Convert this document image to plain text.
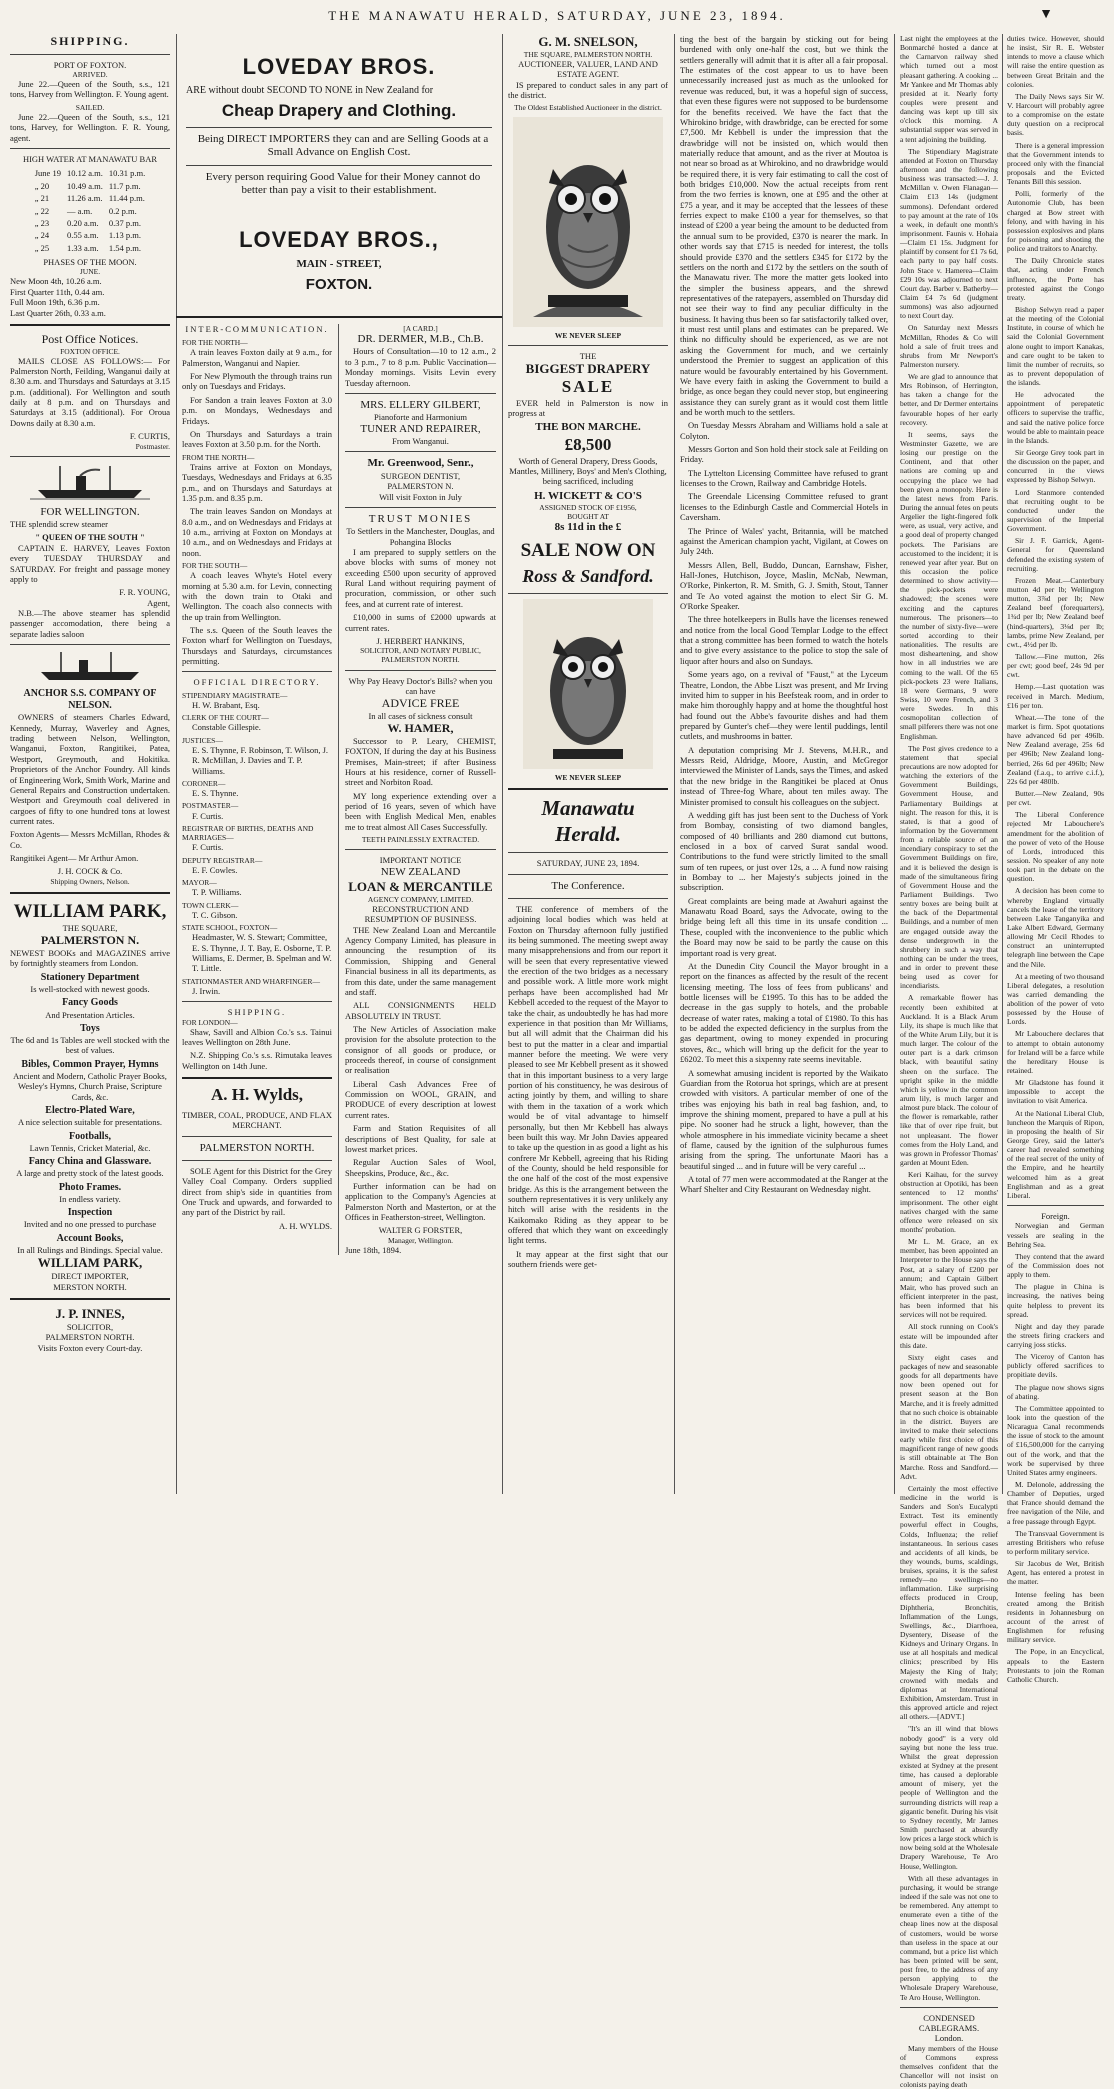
THE MANAWATU HERALD, SATURDAY, JUNE 23, 1894.	▼
SHIPPING.
PORT OF FOXTON.
ARRIVED.

June 22.—Queen of the South, s.s., 121 tons, Harvey from Wellington. F. Young agent.

SAILED.

June 22.—Queen of the South, s.s., 121 tons, Harvey, for Wellington. F. R. Young, agent.

HIGH WATER AT MANAWATU BAR
June 19	10.12 a.m.	10.31 p.m.
„ 20	10.49 a.m.	11.7 p.m.
„ 21	11.26 a.m.	11.44 p.m.
„ 22	— a.m.	0.2 p.m.
„ 23	0.20 a.m.	0.37 p.m.
„ 24	0.55 a.m.	1.13 p.m.
„ 25	1.33 a.m.	1.54 p.m.
PHASES OF THE MOON.
JUNE.
New Moon 4th, 10.26 a.m.
First Quarter 11th, 0.44 am.
Full Moon 19th, 6.36 p.m.
Last Quarter 26th, 0.33 a.m.
Post Office Notices.
FOXTON OFFICE.

MAILS CLOSE AS FOLLOWS:— For Palmerston North, Feilding, Wanganui daily at 8.30 a.m. and Thursdays and Saturdays at 3.15 p.m. (additional). For Wellington and south daily at 8 p.m. and on Thursdays and Saturdays at 3.15 (additional). For Oroua Downs daily at 8.30 a.m.

F. CURTIS,
Postmaster.
FOR WELLINGTON.

THE splendid screw steamer

" QUEEN OF THE SOUTH "

CAPTAIN E. HARVEY, Leaves Foxton every TUESDAY THURSDAY and SATURDAY. For freight and passage money apply to

F. R. YOUNG,
Agent,

N.B.—The above steamer has splendid passenger accomodation, there being a separate ladies saloon

ANCHOR S.S. COMPANY OF NELSON.

OWNERS of steamers Charles Edward, Kennedy, Murray, Waverley and Agnes, trading between Nelson, Wellington, Wanganui, Foxton, Rangitikei, Patea, Westport, Greymouth, and Hokitika. Proprietors of the Anchor Foundry. All kinds of Engineering Work, Smith Work, Marine and General Repairs and Construction undertaken. Westport and Greymouth coal delivered in cargoes of fifty to one hundred tons at lowest current rates.

Foxton Agents— Messrs McMillan, Rhodes & Co.

Rangitikei Agent— Mr Arthur Amon.

J. H. COCK & Co.
Shipping Owners, Nelson.
WILLIAM PARK,
THE SQUARE,
PALMERSTON N.

NEWEST BOOKs and MAGAZINES arrive by fortnightly steamers from London.

Stationery Department
Is well-stocked with newest goods.
Fancy Goods
And Presentation Articles.
Toys
The 6d and 1s Tables are well stocked with the best of values.
Bibles, Common Prayer, Hymns
Ancient and Modern, Catholic Prayer Books, Wesley's Hymns, Church Praise, Scripture Cards, &c.
Electro-Plated Ware,
A nice selection suitable for presentations.
Footballs,
Lawn Tennis, Cricket Material, &c.
Fancy China and Glassware.
A large and pretty stock of the latest goods.
Photo Frames.
In endless variety.
Inspection
Invited and no one pressed to purchase
Account Books,
In all Rulings and Bindings. Special value.
WILLIAM PARK,
DIRECT IMPORTER,
MERSTON NORTH.
J. P. INNES,
SOLICITOR,
PALMERSTON NORTH.
Visits Foxton every Court-day.
LOVEDAY BROS.
ARE without doubt SECOND TO NONE in New Zealand for
Cheap Drapery and Clothing.

Being DIRECT IMPORTERS they can and are Selling Goods at a Small Advance on English Cost.

Every person requiring Good Value for their Money cannot do better than pay a visit to their establishment.

LOVEDAY BROS.,
MAIN - STREET,
FOXTON.
INTER-COMMUNICATION.
FOR THE NORTH—

A train leaves Foxton daily at 9 a.m., for Palmerston, Wanganui and Napier.

For New Plymouth the through trains run only on Tuesdays and Fridays.

For Sandon a train leaves Foxton at 3.0 p.m. on Mondays, Wednesdays and Fridays.

On Thursdays and Saturdays a train leaves Foxton at 3.50 p.m. for the North.

FROM THE NORTH—

Trains arrive at Foxton on Mondays, Tuesdays, Wednesdays and Fridays at 6.35 p.m., and on Thursdays and Saturdays at 1.35 p.m. and 8.35 p.m.

The train leaves Sandon on Mondays at 8.0 a.m., and on Wednesdays and Fridays at 10 a.m., arriving at Foxton on Mondays at 10 a.m., and on Wednesdays and Fridays at noon.

FOR THE SOUTH—

A coach leaves Whyte's Hotel every morning at 5.30 a.m. for Levin, connecting with the down train to Otaki and Wellington. The coach also connects with the up train from Wellington.

The s.s. Queen of the South leaves the Foxton wharf for Wellington on Tuesdays, Thursdays and Saturdays, circumstances permitting.

OFFICIAL DIRECTORY.
STIPENDIARY MAGISTRATE—
H. W. Brabant, Esq.
CLERK OF THE COURT—
Constable Gillespie.
JUSTICES—
E. S. Thynne, F. Robinson, T. Wilson, J. R. McMillan, J. Davies and T. P. Williams.
CORONER—
E. S. Thynne.
POSTMASTER—
F. Curtis.
REGISTRAR OF BIRTHS, DEATHS AND MARRIAGES—
F. Curtis.
DEPUTY REGISTRAR—
E. F. Cowles.
MAYOR—
T. P. Williams.
TOWN CLERK—
T. C. Gibson.
STATE SCHOOL, FOXTON—
Headmaster, W. S. Stewart; Committee, E. S. Thynne, J. T. Bay, E. Osborne, T. P. Williams, E. Dermer, B. Spelman and W. T. Little.
STATIONMASTER AND WHARFINGER—
J. Irwin.
SHIPPING.
FOR LONDON—

Shaw, Savill and Albion Co.'s s.s. Tainui leaves Wellington on 28th June.

N.Z. Shipping Co.'s s.s. Rimutaka leaves Wellington on 14th June.

A. H. Wylds,
TIMBER, COAL, PRODUCE, AND FLAX MERCHANT.
PALMERSTON NORTH.

SOLE Agent for this District for the Grey Valley Coal Company. Orders supplied direct from ship's side in quantities from One Truck and upwards, and forwarded to any part of the District by rail.

A. H. WYLDS.
[A CARD.]
DR. DERMER, M.B., Ch.B.

Hours of Consultation—10 to 12 a.m., 2 to 3 p.m., 7 to 8 p.m. Public Vaccination— Monday mornings. Visits Levin every Tuesday afternoon.

MRS. ELLERY GILBERT,
Pianoforte and Harmonium
TUNER AND REPAIRER,
From Wanganui.
Mr. Greenwood, Senr.,
SURGEON DENTIST,
PALMERSTON N.
Will visit Foxton in July
TRUST MONIES
To Settlers in the Manchester, Douglas, and Pohangina Blocks

I am prepared to supply settlers on the above blocks with sums of money not exceeding £500 upon security of approved Rural Land without requiring payment of procuration, commission, or other such fees, and at current rate of interest.

£10,000 in sums of £2000 upwards at current rates.

J. HERBERT HANKINS,
SOLICITOR, AND NOTARY PUBLIC,
PALMERSTON NORTH.
Why Pay Heavy Doctor's Bills? when you can have
ADVICE FREE
In all cases of sickness consult
W. HAMER,

Successor to P. Leary, CHEMIST, FOXTON, If during the day at his Business Premises, Main-street; if after Business Hours at his residence, corner of Russell-street and Norbiton Road.

MY long experience extending over a period of 16 years, seven of which have been with English Medical Men, enables me to treat almost All Cases Successfully.

TEETH PAINLESSLY EXTRACTED.
IMPORTANT NOTICE
NEW ZEALAND
LOAN & MERCANTILE
AGENCY COMPANY, LIMITED.
RECONSTRUCTION AND RESUMPTION OF BUSINESS.

THE New Zealand Loan and Mercantile Agency Company Limited, has pleasure in announcing the resumption of its Commission, Shipping and General Financial business in all its departments, as from this date, under the same management and staff.

ALL CONSIGNMENTS HELD ABSOLUTELY IN TRUST.

The New Articles of Association make provision for the absolute protection to the consignor of all goods or produce, or proceeds thereof, in course of consignment or realisation

Liberal Cash Advances Free of Commission on WOOL, GRAIN, and PRODUCE of every description at lowest current rates.

Farm and Station Requisites of all descriptions of Best Quality, for sale at lowest market prices.

Regular Auction Sales of Wool, Sheepskins, Produce, &c., &c.

Further information can be had on application to the Company's Agencies at Palmerston North and Masterton, or at the Offices in Featherston-street, Wellington.

WALTER G FORSTER,
Manager, Wellington.
June 18th, 1894.
G. M. SNELSON,
THE SQUARE, PALMERSTON NORTH.
AUCTIONEER, VALUER, LAND AND ESTATE AGENT.

IS prepared to conduct sales in any part of the district.

The Oldest Established Auctioneer in the district.
WE NEVER SLEEP
THE
BIGGEST DRAPERY
SALE

EVER held in Palmerston is now in progress at

THE BON MARCHE.
£8,500

Worth of General Drapery, Dress Goods, Mantles, Millinery, Boys' and Men's Clothing, being sacrificed, including

H. WICKETT & CO'S
ASSIGNED STOCK OF £1956,
BOUGHT AT
8s 11d in the £
SALE NOW ON
Ross & Sandford.
WE NEVER SLEEP
Manawatu Herald.
SATURDAY, JUNE 23, 1894.
The Conference.

THE conference of members of the adjoining local bodies which was held at Foxton on Thursday afternoon fully justified its being summoned. The meeting swept away many misapprehensions and from our report it will be seen that every representative viewed the erection of the two bridges as a necessary and possible work. A little more work might perhaps have been accomplished had Mr Kebbell acceded to the request of the Mayor to take the chair, as undoubtedly he has had more experience in that position than Mr Williams, but all will admit that the Chairman did his best to put the matter in a clear and impartial manner before the meeting. We were very pleased to see Mr Kebbell present as it showed that in this important business to a very large portion of his constituency, he was desirous of acting jointly by them, and willing to share with them in the taxation of a work which would be of vital advantage to himself personally, but then Mr Kebbell has always been built this way. Mr John Davies appeared to take up the question in as good a light as his confrere Mr Kebbell, agreeing that his Riding of the County, should be held responsible for the one half of the cost of the most expensive bridge. As this is the arrangement between the southern representatives it is very unlikely any hitch will arise with the residents in the Kaikomako Riding as they appear to be offered that which they want on exceedingly light terms.

It may appear at the first sight that our southern friends were get-

ting the best of the bargain by sticking out for being burdened with only one-half the cost, but we think the settlers generally will admit that it is after all a fair proposal. The estimates of the cost appear to us to have been unnecessarily increased just as much as the unlooked for revenue was reduced, but, it was a hopeful sign of success, that even these figures were not supposed to be burdensome for the benefits received. We have the fact that the Whirokino bridge, with drawbridge, can be erected for some £7,500. Mr Kebbell is under the impression that the drawbridge will not be insisted on, which would then materially reduce that amount, and as the river at Moutoa is not near so broad as at Whirokino, and no drawbridge would be required there, it is very fair estimating to call the cost of both bridges £10,000. Now the actual receipts from rent from the two ferries is known, one at £95 and the other at £75 a year, and it may be accepted that the lessees of these ferries expect to make £100 a year for themselves, so that instead of £200 a year being the amount to be deducted from the annual sum to be provided, £370 is nearer the mark. In other words say that £715 is needed for interest, the tolls should provide £370 and the settlers £345 for £172 by the settlers on the north and £172 by the settlers on the south of the Manawatu river. The more the matter gets looked into the simpler the business appears, and the shrewd representatives of the ratepayers, assembled on Thursday did not see their way to find any peculiar difficulty in the business. It having thus been so far satisfactorily talked over, it must rest until plans and estimates can be prepared. We think no difficulty should be experienced, as we are not asking the Government for much, and we certainly understood the Premier to suggest an application of this nature would be favourably entertained by his Government. We have every faith in asking the Government to build a bridge, as once began they could never stop, but engineering assistance they can surely grant as it would cost them little and be worth much to the settlers.

On Tuesday Messrs Abraham and Williams hold a sale at Colyton.

Messrs Gorton and Son hold their stock sale at Feilding on Friday.

The Lyttelton Licensing Committee have refused to grant licenses to the Crown, Railway and Cambridge Hotels.

The Greendale Licensing Committee refused to grant licenses to the Edinburgh Castle and Commercial Hotels in Caversham.

The Prince of Wales' yacht, Britannia, will be matched against the American champion yacht, Vigilant, at Cowes on July 24th.

Messrs Allen, Bell, Buddo, Duncan, Earnshaw, Fisher, Hall-Jones, Hutchison, Joyce, Maslin, McNab, Newman, O'Rorke, Pinkerton, R. M. Smith, G. J. Smith, Stout, Tanner and Te Ao voted against the motion to elect Sir G. M. O'Rorke Speaker.

The three hotelkeepers in Bulls have the licenses renewed and notice from the local Good Templar Lodge to the effect that a strong committee has been formed to watch the hotels and to give every assistance to the police to stop the sale of liquor after hours and also on Sundays.

Some years ago, on a revival of "Faust," at the Lyceum Theatre, London, the Abbe Liszt was present, and Mr Irving invited him to supper in his Beefsteak room, and in order to make him thoroughly happy and at home the thoughtful host had found out the Abbe's favourite dishes and had them prepared by Gunter's chef—they were lentil puddings, lentil cutlets, and mushrooms in batter.

A deputation comprising Mr J. Stevens, M.H.R., and Messrs Reid, Aldridge, Moore, Austin, and McGregor interviewed the Minister of Lands, says the Times, and asked that the new bridge in the Rangitikei be placed at Onus instead of Three-fog Whare, about ten miles away. The Minister promised to consult his colleagues on the subject.

A wedding gift has just been sent to the Duchess of York from Bombay, consisting of two diamond bangles, composed of 40 brilliants and 280 diamond cut buttons, enclosed in a box of carved Surat sandal wood. Contributions to the fund were strictly limited to the small sum of ten rupees, or just over 12s, a ... A fund now raising in Bombay to ... her Majesty's subjects joined in the subscription.

Great complaints are being made at Awahuri against the Manawatu Road Board, says the Advocate, owing to the bridge being left all this time in its unsafe condition ... These, coupled with the inconvenience to the public which the Board may now be said to be partly the cause on this important road is very great.

At the Dunedin City Council the Mayor brought in a report on the finances as affected by the result of the recent licensing meeting. The loss of fees from publicans' and bottle licenses will be £1995. To this has to be added the decrease in the gas supply to hotels, and the probable decrease of water rates, making a total of £1980. To this has to be added the expected deficiency in the surplus from the gas department, owing to money expended in procuring stoves, &c., which will bring up the deficit for the year to £6202. To meet this a sixpenny rate seems inevitable.

A somewhat amusing incident is reported by the Waikato Guardian from the Rotorua hot springs, which are at present crowded with visitors. A particular member of one of the tribes was enjoying his bath in real bag fashion, and, to improve the shining moment, prepared to have a pull at his pipe. No sooner had he struck a light, however, than the whole atmosphere in his immediate vicinity became a sheet of flame, caused by the ignition of the sulphurous fumes arising from the spring. The unfortunate Maori has a beautiful singed ... and in future will be very careful ...

A total of 77 men were accommodated at the Ranger at the Wharf Shelter and City Restaurant on Wednesday night.

Last night the employees at the Bonmarché hosted a dance at the Carnarvon railway shed which turned out a most pleasant gathering. A cooking ... Mr Yankee and Mr Thomas ably presided at it. Nearly forty couples were present and dancing was kept up till six o'clock this morning. A substantial supper was served in a tent adjoining the building.

The Stipendiary Magistrate attended at Foxton on Thursday afternoon and the following business was transacted:—J. J. McMillan v. Owen Flanagan—Claim £13 14s (judgment summons). Defendant ordered to pay amount at the rate of 10s a week, in default one month's imprisonment. Faunis v. Hohaia—Claim £1 15s. Judgment for plaintiff by consent for £1 7s 6d, each party to pay half costs. John Stace v. Hamerea—Claim £29 10s was adjourned to next Court day. Barber v. Batherby—Claim £4 7s 6d (judgment summons) was also adjourned to next Court day.

On Saturday next Messrs McMillan, Rhodes & Co will hold a sale of fruit trees and shrubs from Mr Newport's Palmerston nursery.

We are glad to announce that Mrs Robinson, of Herrington, has taken a change for the better, and Dr Dermer entertains favourable hopes of her early recovery.

It seems, says the Westminster Gazette, we are losing our prestige on the Continent, and that other nations are coming up and occupying the place we had been given a monopoly. Here is the latest news from Paris. During the annual fetes on peuts Argelier the light-fingered folk were, as usual, very active, and a good deal of property changed pockets. The Parisians are accustomed to the incident; it is renewed year after year. But on this occasion the police determined to show activity—the pick-pockets were shadowed; the scenes were exciting and the captures numerous. The prisoners—to the number of sixty-five—were sorted according to their nationalities. The results are most disheartening, and show how in all industries we are coming to the wall. Of the 65 pick-pockets 23 were Italians, 18 were Germans, 9 were Swiss, 10 were French, and 3 were Swedes. In this cosmopolitan collection of small pilferers there was not one Englishman.

The Post gives credence to a statement that special precautions are now adopted for watching the exteriors of the Government Buildings, Government House, and Parliamentary Buildings at night. The reason for this, it is stated, is that a good of information by the Government from a reliable source of an incendiary conspiracy to set the Government Buildings on fire, and it is believed the design is made of the simultaneous firing of Government House and the Parliament Buildings. Two sentry boxes are being built at the back of the Departmental Buildings, and a number of men are engaged outside away the dense undergrowth in the shrubbery in such a way that nothing can be under the trees, and in order to prevent these being used as cover for incendiarists.

A remarkable flower has recently been exhibited at Auckland. It is a Black Arum Lily, its shape is much like that of the White Arum Lily, but it is much larger. The colour of the outer part is a dark crimson black, with beautiful satiny sheen on the surface. The upright spike in the middle which is yellow in the common arum lily, is much larger and almost pure black. The colour of the flower is remarkable, rather like that of over ripe fruit, but not unpleasant. The flower comes from the Holy Land, and was grown in Professor Thomas' garden at Mount Eden.

Keri Kaihau, for the survey obstruction at Opotiki, has been sentenced to 12 months' imprisonment. The other eight natives charged with the same offence were released on six months' probation.

Mr L. M. Grace, an ex member, has been appointed an Interpreter to the House says the Post, at a salary of £200 per annum; and Captain Gilbert Mair, who has proved such an efficient interpreter in the past, has been informed that his services will not be required.

All stock running on Cook's estate will be impounded after this date.

Sixty eight cases and packages of new and seasonable goods for all departments have now been opened out for present season at the Bon Marche, and it is freely admitted that no such choice is obtainable in the district. Buyers are invited to make their selections early while first choice of this magnificent range of new goods is still obtainable at The Bon Marche. Ross and Sandford.—Advt.

Certainly the most effective medicine in the world is Sanders and Son's Eucalypti Extract. Test its eminently powerful effect in Coughs, Colds, Influenza; the relief instantaneous. In serious cases and accidents of all kinds, be they wounds, burns, scaldings, bruises, sprains, it is the safest remedy—no swellings—no inflammation. Like surprising effects produced in Croup, Diphtheria, Bronchitis, Inflammation of the Lungs, Swellings, &c., Diarrhoea, Dysentery, Disease of the Kidneys and Urinary Organs. In use at all hospitals and medical clinics; prescribed by His Majesty the King of Italy; crowned with medals and diplomas at International Exhibition, Amsterdam. Trust in this approved article and reject all others.—[ADVT.]

"It's an ill wind that blows nobody good" is a very old saying but none the less true. Whilst the great depression existed at Sydney at the present time, has caused a deplorable amount of misery, yet the people of Wellington and the surrounding districts will reap a gigantic benefit. During his visit to Sydney recently, Mr James Smith purchased at absurdly low prices a large stock which is now being sold at the Wholesale Drapery Warehouse, Te Aro House, Wellington.

With all these advantages in purchasing, it would be strange indeed if the sale was not one to be remembered. Any attempt to enumerate even a tithe of the cheap lines now at the disposal of customers, would be worse than useless in the space at our command, but a price list which has been printed will be sent, post free, to the address of any person applying to the Wholesale Drapery Warehouse, Te Aro House, Wellington.

CONDENSED CABLEGRAMS.
London.

Many members of the House of Commons express themselves confident that the Chancellor will not insist on colonists paying death

duties twice. However, should he insist, Sir R. E. Webster intends to move a clause which will raise the entire question as between Great Britain and the colonies.

The Daily News says Sir W. V. Harcourt will probably agree to a compromise on the estate duty question on a reciprocal basis.

There is a general impression that the Government intends to proceed only with the financial proposals and the Evicted Tenants Bill this session.

Polli, formerly of the Autonomie Club, has been charged at Bow street with felony, and with having in his possession explosives and plans for poisoning and shooting the police and traitors to Anarchy.

The Daily Chronicle states that, acting under French influence, the Porte has protested against the Congo treaty.

Bishop Selwyn read a paper at the meeting of the Colonial Institute, in course of which he said the Colonial Government alone ought to import Kanakas, and care ought to be taken to limit the number of recruits, so as to prevent depopulation of the islands.

He advocated the appointment of perepatetic officers to supervise the traffic, and said the native police force would be able to maintain peace in the Islands.

Sir George Grey took part in the discussion on the paper, and concurred in the views expressed by Bishop Selwyn.

Lord Stanmore contended that recruiting ought to be conducted under the supervision of the Imperial Government.

Sir J. F. Garrick, Agent-General for Queensland defended the existing system of recruiting.

Frozen Meat.—Canterbury mutton 4d per lb; Wellington mutton, 3⅞d per lb; New Zealand beef (forequarters), 1¾d per lb; New Zealand beef (hind-quarters), 3⅛d per lb; lambs, prime New Zealand, per cwt., 4½d per lb.

Tallow.—Fine mutton, 26s per cwt; good beef, 24s 9d per cwt.

Hemp.—Last quotation was received in March. Medium, £16 per ton.

Wheat.—The tone of the market is firm. Spot quotations have advanced 6d per 496lb. New Zealand average, 25s 6d per 496lb; New Zealand long-berried, 26s 6d per 496lb; New Zealand (f.a.q., to arrive c.i.f.), 22s 6d per 480lb.

Butter.—New Zealand, 90s per cwt.

The Liberal Conference rejected Mr Labouchere's amendment for the abolition of the power of veto of the House of Lords, introduced this session. No speaker of any note took part in the debate on the question.

A decision has been come to whereby England virtually cancels the lease of the territory between Lake Tanganyika and Lake Albert Edward, Germany allowing Mr Cecil Rhodes to construct an uninterrupted telegraph line between the Cape and the Nile.

At a meeting of two thousand Liberal delegates, a resolution was carried demanding the abolition of the power of veto possessed by the House of Lords.

Mr Labouchere declares that to attempt to obtain autonomy for Ireland will be a farce while the hereditary House is retained.

Mr Gladstone has found it impossible to accept the invitation to visit America.

At the National Liberal Club, luncheon the Marquis of Ripon, in proposing the health of Sir George Grey, said the latter's career had revealed something of the real secret of the unity of the Empire, and he heartily welcomed him as a great Englishman and as a great Liberal.

Foreign.

Norwegian and German vessels are sealing in the Behring Sea.

They contend that the award of the Commission does not apply to them.

The plague in China is increasing, the natives being quite helpless to prevent its spread.

Night and day they parade the streets firing crackers and carrying joss sticks.

The Viceroy of Canton has publicly offered sacrifices to propitiate devils.

The plague now shows signs of abating.

The Committee appointed to look into the question of the Nicaragua Canal recommends the issue of stock to the amount of £16,500,000 for the carrying out of the work, and that the work be supervised by three United States army engineers.

M. Delonole, addressing the Chamber of Deputies, urged that France should demand the free navigation of the Nile, and a free passage through Egypt.

The Transvaal Government is arresting Britishers who refuse to perform military service.

Sir Jacobus de Wet, British Agent, has entered a protest in the matter.

Intense feeling has been created among the British residents in Johannesburg on account of the arrest of Englishmen for refusing military service.

The Pope, in an Encyclical, appeals to the Eastern Protestants to join the Roman Catholic Church.
